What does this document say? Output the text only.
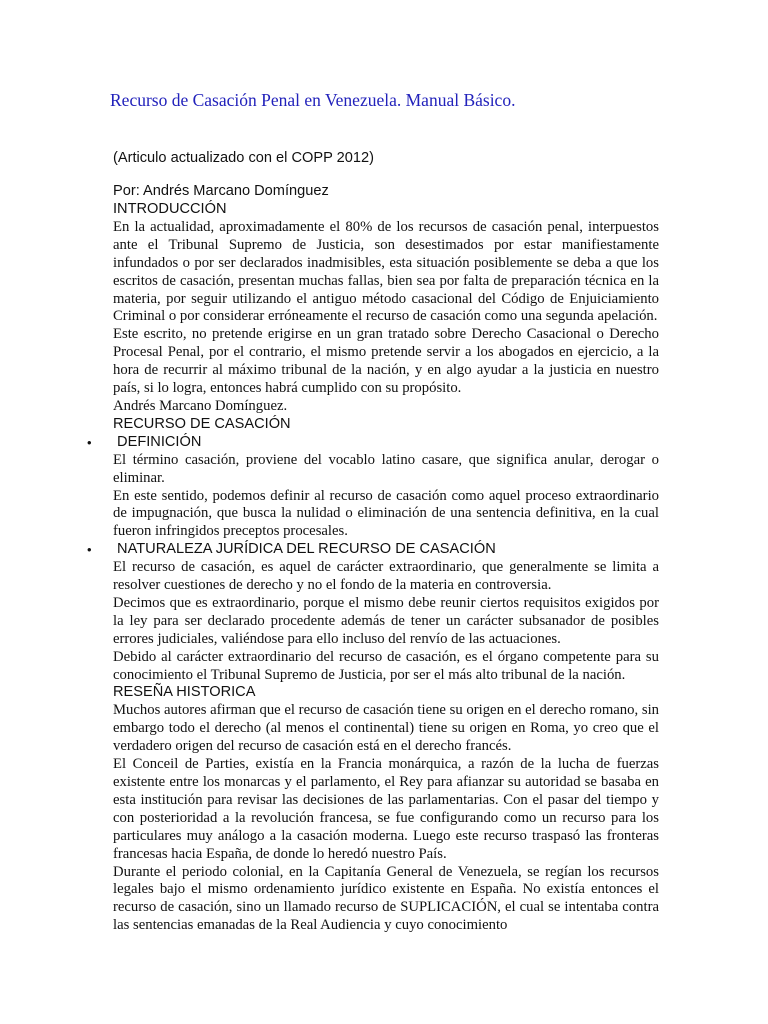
Recurso de Casación Penal en Venezuela. Manual Básico.
(Articulo actualizado con el COPP 2012)
Por: Andrés Marcano Domínguez

INTRODUCCIÓN

En la actualidad, aproximadamente el 80% de los recursos de casación penal, interpuestos ante el Tribunal Supremo de Justicia, son desestimados por estar manifiestamente infundados o por ser declarados inadmisibles, esta situación posiblemente se deba a que los escritos de casación, presentan muchas fallas, bien sea por falta de preparación técnica en la materia, por seguir utilizando el antiguo método casacional del Código de Enjuiciamiento Criminal o por considerar erróneamente el recurso de casación como una segunda apelación.

Este escrito, no pretende erigirse en un gran tratado sobre Derecho Casacional o Derecho Procesal Penal, por el contrario, el mismo pretende servir a los abogados en ejercicio, a la hora de recurrir al máximo tribunal de la nación, y en algo ayudar a la justicia en nuestro país, si lo logra, entonces habrá cumplido con su propósito.

Andrés Marcano Domínguez.

RECURSO DE CASACIÓN

• DEFINICIÓN

El término casación, proviene del vocablo latino casare, que significa anular, derogar o eliminar.

En este sentido, podemos definir al recurso de casación como aquel proceso extraordinario de impugnación, que busca la nulidad o eliminación de una sentencia definitiva, en la cual fueron infringidos preceptos procesales.

• NATURALEZA JURÍDICA DEL RECURSO DE CASACIÓN

El recurso de casación, es aquel de carácter extraordinario, que generalmente se limita a resolver cuestiones de derecho y no el fondo de la materia en controversia.

Decimos que es extraordinario, porque el mismo debe reunir ciertos requisitos exigidos por la ley para ser declarado procedente además de tener un carácter subsanador de posibles errores judiciales, valiéndose para ello incluso del renvío de las actuaciones.

Debido al carácter extraordinario del recurso de casación, es el órgano competente para su conocimiento el Tribunal Supremo de Justicia, por ser el más alto tribunal de la nación.

RESEÑA HISTORICA

Muchos autores afirman que el recurso de casación tiene su origen en el derecho romano, sin embargo todo el derecho (al menos el continental) tiene su origen en Roma, yo creo que el verdadero origen del recurso de casación está en el derecho francés.

El Conceil de Parties, existía en la Francia monárquica, a razón de la lucha de fuerzas existente entre los monarcas y el parlamento, el Rey para afianzar su autoridad se basaba en esta institución para revisar las decisiones de las parlamentarias. Con el pasar del tiempo y con posterioridad a la revolución francesa, se fue configurando como un recurso para los particulares muy análogo a la casación moderna. Luego este recurso traspasó las fronteras francesas hacia España, de donde lo heredó nuestro País.

Durante el periodo colonial, en la Capitanía General de Venezuela, se regían los recursos legales bajo el mismo ordenamiento jurídico existente en España. No existía entonces el recurso de casación, sino un llamado recurso de SUPLICACIÓN, el cual se intentaba contra las sentencias emanadas de la Real Audiencia y cuyo conocimiento
